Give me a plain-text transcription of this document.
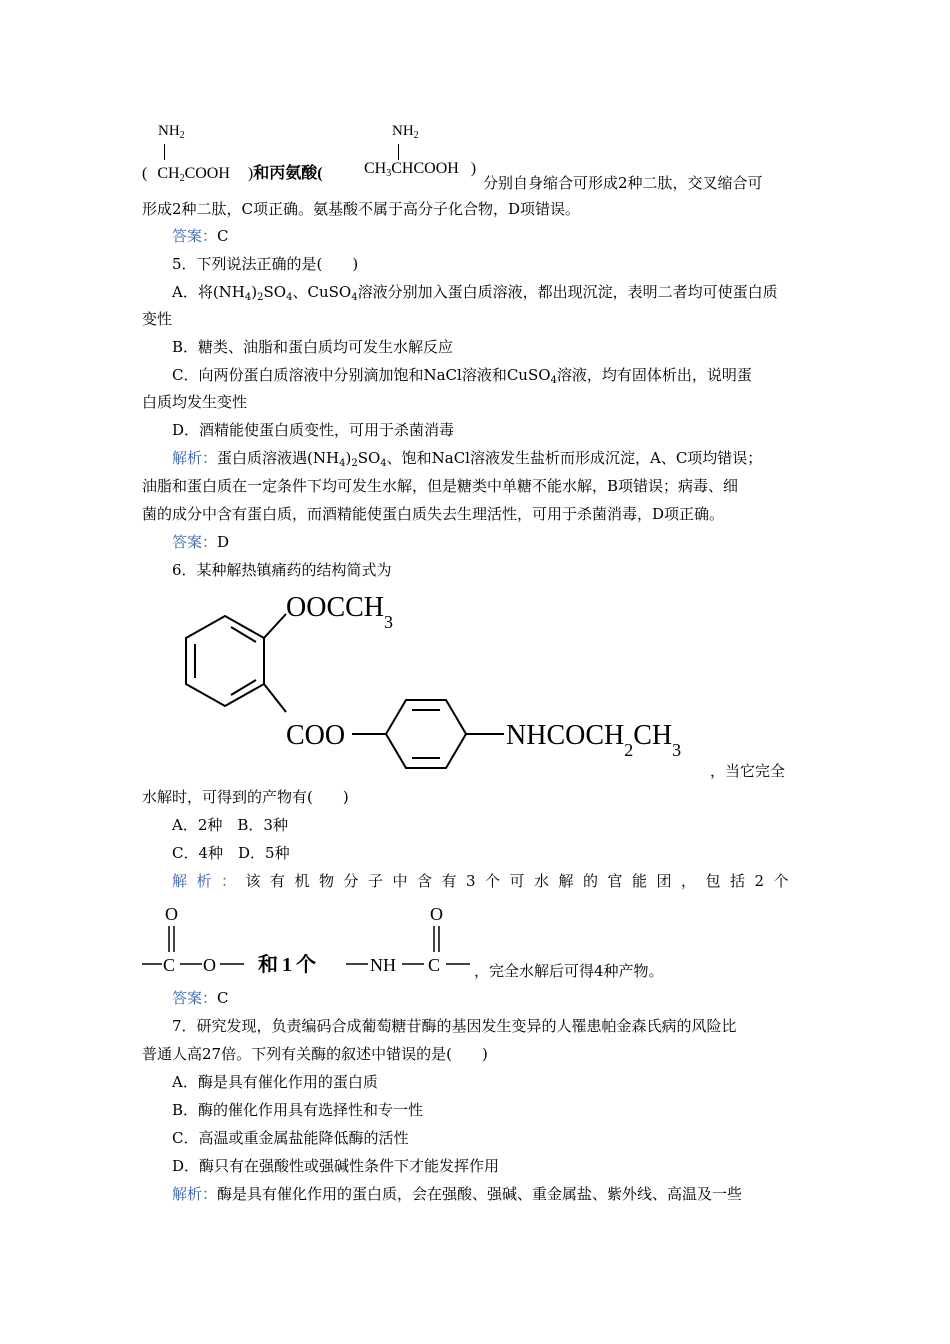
$NH_2$
( $CH_2COOH$ )和丙氨酸(
$NH_2$
$CH_3CHCOOH$ )
分别自身缩合可形成2种二肽，交叉缩合可
形成2种二肽，C项正确。氨基酸不属于高分子化合物，D项错误。
答案：C
5．下列说法正确的是(　　)
A．将$(NH_4)_2SO_4$、CuSO$_4$溶液分别加入蛋白质溶液，都出现沉淀，表明二者均可使蛋白质
变性
B．糖类、油脂和蛋白质均可发生水解反应
C．向两份蛋白质溶液中分别滴加饱和NaCl溶液和CuSO$_4$溶液，均有固体析出，说明蛋
白质均发生变性
D．酒精能使蛋白质变性，可用于杀菌消毒
解析：蛋白质溶液遇$(NH_4)_2SO_4$、饱和NaCl溶液发生盐析而形成沉淀，A、C项均错误；
油脂和蛋白质在一定条件下均可发生水解，但是糖类中单糖不能水解，B项错误；病毒、细
菌的成分中含有蛋白质，而酒精能使蛋白质失去生理活性，可用于杀菌消毒，D项正确。
答案：D
6．某种解热镇痛药的结构简式为
$OOCCH_3$
COO	$NHCOCH_2CH_3$
，当它完全
水解时，可得到的产物有(　　)
A．2种　B．3种
C．4种　D．5种
解析：该有机物分子中含有3个可水解的官能团，包括2个
O
C O 和1个	NH
O
C ，完全水解后可得4种产物。
答案：C
7．研究发现，负责编码合成葡萄糖苷酶的基因发生变异的人罹患帕金森氏病的风险比
普通人高27倍。下列有关酶的叙述中错误的是(　　)
A．酶是具有催化作用的蛋白质
B．酶的催化作用具有选择性和专一性
C．高温或重金属盐能降低酶的活性
D．酶只有在强酸性或强碱性条件下才能发挥作用
解析：酶是具有催化作用的蛋白质，会在强酸、强碱、重金属盐、紫外线、高温及一些
